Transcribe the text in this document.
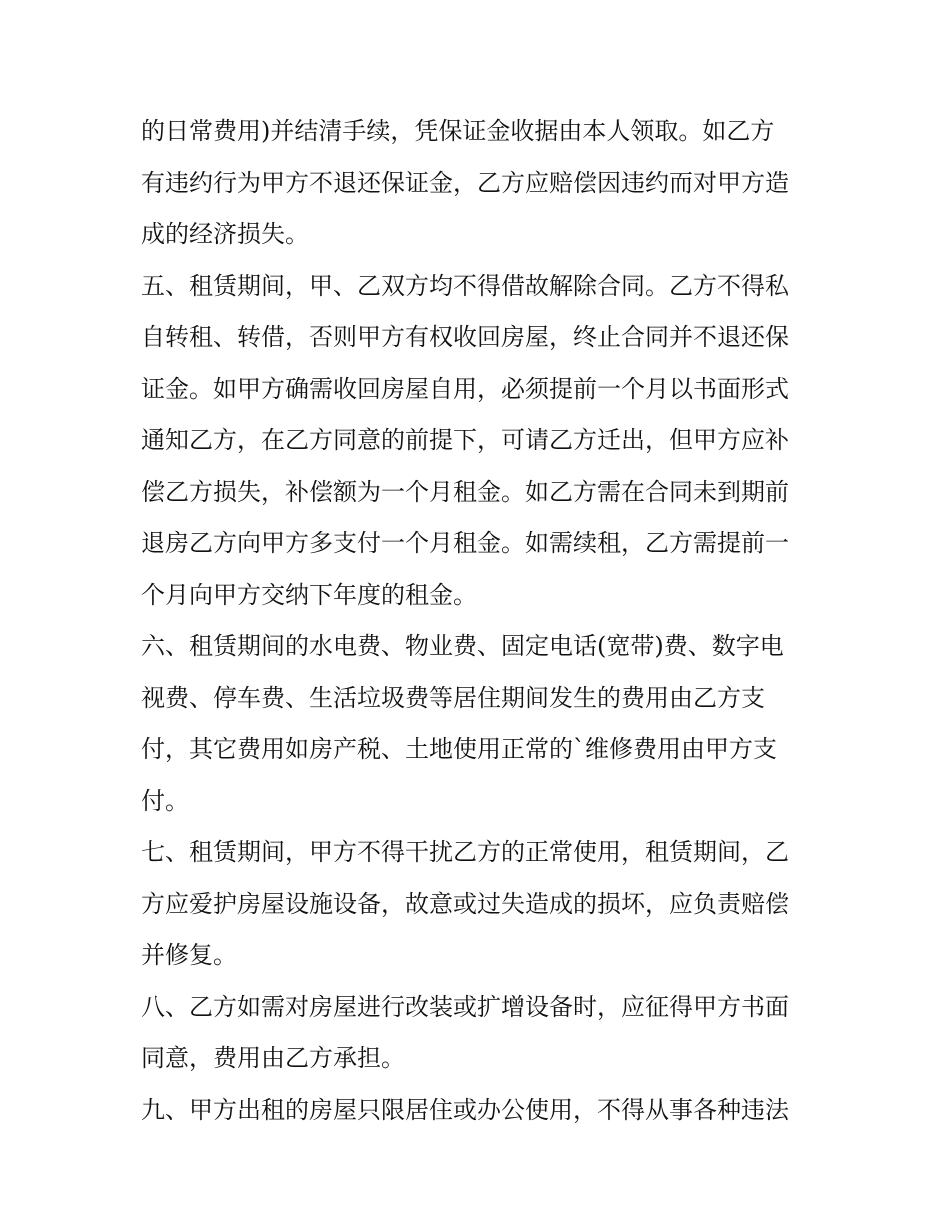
的日常费用)并结清手续，凭保证金收据由本人领取。如乙方
有违约行为甲方不退还保证金，乙方应赔偿因违约而对甲方造
成的经济损失。
五、租赁期间，甲、乙双方均不得借故解除合同。乙方不得私
自转租、转借，否则甲方有权收回房屋，终止合同并不退还保
证金。如甲方确需收回房屋自用，必须提前一个月以书面形式
通知乙方，在乙方同意的前提下，可请乙方迁出，但甲方应补
偿乙方损失，补偿额为一个月租金。如乙方需在合同未到期前
退房乙方向甲方多支付一个月租金。如需续租，乙方需提前一
个月向甲方交纳下年度的租金。
六、租赁期间的水电费、物业费、固定电话(宽带)费、数字电
视费、停车费、生活垃圾费等居住期间发生的费用由乙方支
付，其它费用如房产税、土地使用正常的`维修费用由甲方支
付。
七、租赁期间，甲方不得干扰乙方的正常使用，租赁期间，乙
方应爱护房屋设施设备，故意或过失造成的损坏，应负责赔偿
并修复。
八、乙方如需对房屋进行改装或扩增设备时，应征得甲方书面
同意，费用由乙方承担。
九、甲方出租的房屋只限居住或办公使用，不得从事各种违法
